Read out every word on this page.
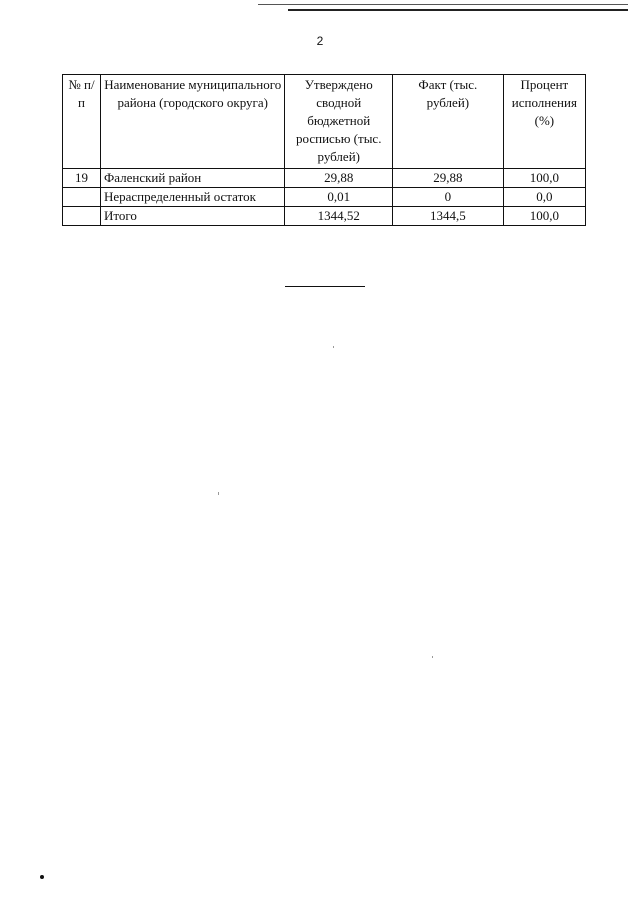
2
№ п/п	Наименование муниципального района (городского округа)	Утверждено сводной бюджетной росписью (тыс. рублей)	Факт (тыс. рублей)	Процент исполнения (%)
19	Фаленский район	29,88	29,88	100,0
	Нераспределенный остаток	0,01	0	0,0
	Итого	1344,52	1344,5	100,0
